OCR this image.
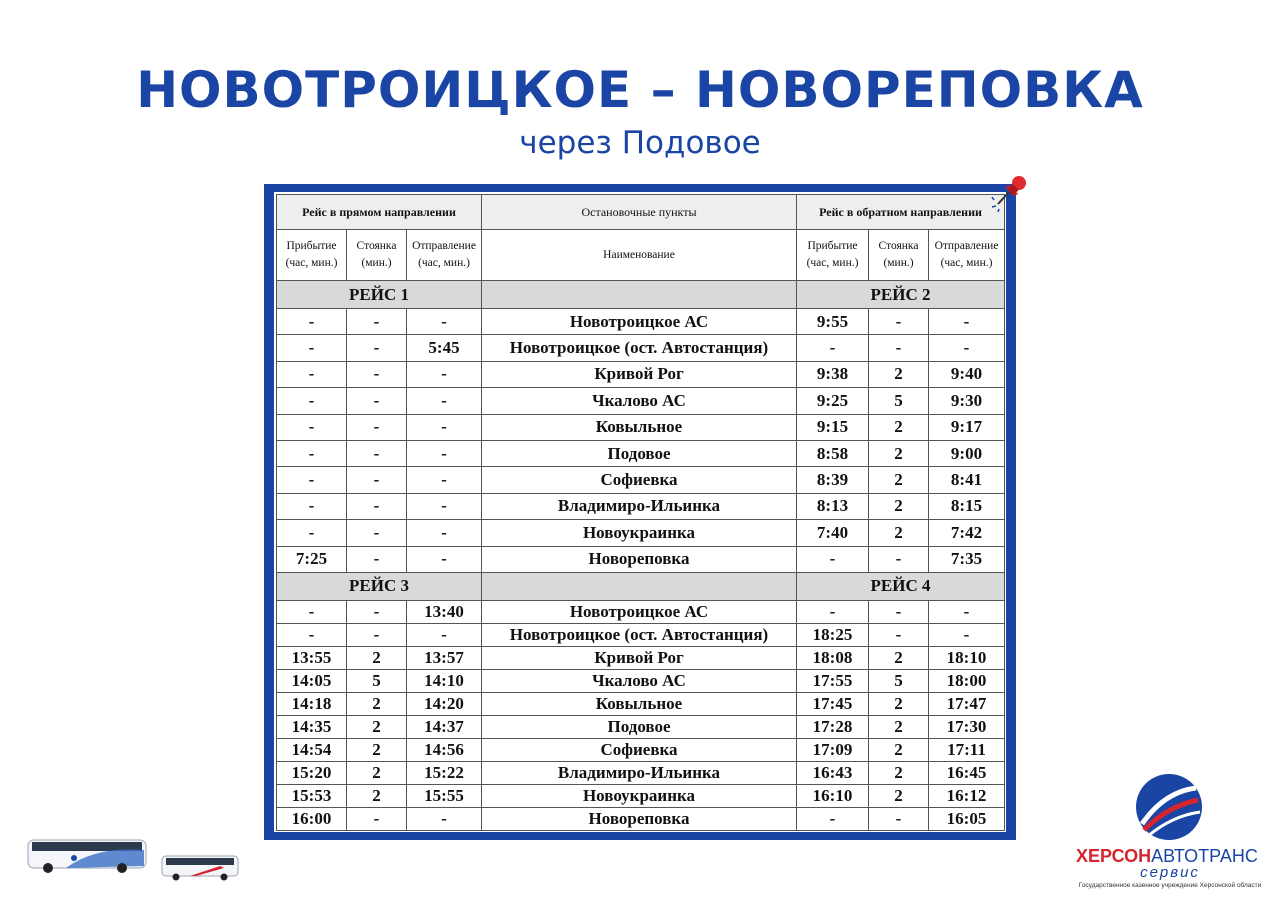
НОВОТРОИЦКОЕ – НОВОРЕПОВКА
через Подовое
Рейс в прямом направлении			Остановочные пункты	Рейс в обратном направлении		
Прибытие (час, мин.)	Стоянка (мин.)	Отправление (час, мин.)	Наименование	Прибытие (час, мин.)	Стоянка (мин.)	Отправление (час, мин.)
РЕЙС 1				РЕЙС 2		
-	-	-	Новотроицкое АС	9:55	-	-
-	-	5:45	Новотроицкое (ост. Автостанция)	-	-	-
-	-	-	Кривой Рог	9:38	2	9:40
-	-	-	Чкалово АС	9:25	5	9:30
-	-	-	Ковыльное	9:15	2	9:17
-	-	-	Подовое	8:58	2	9:00
-	-	-	Софиевка	8:39	2	8:41
-	-	-	Владимиро-Ильинка	8:13	2	8:15
-	-	-	Новоукраинка	7:40	2	7:42
7:25	-	-	Новореповка	-	-	7:35
РЕЙС 3				РЕЙС 4		
-	-	13:40	Новотроицкое АС	-	-	-
-	-	-	Новотроицкое (ост. Автостанция)	18:25	-	-
13:55	2	13:57	Кривой Рог	18:08	2	18:10
14:05	5	14:10	Чкалово АС	17:55	5	18:00
14:18	2	14:20	Ковыльное	17:45	2	17:47
14:35	2	14:37	Подовое	17:28	2	17:30
14:54	2	14:56	Софиевка	17:09	2	17:11
15:20	2	15:22	Владимиро-Ильинка	16:43	2	16:45
15:53	2	15:55	Новоукраинка	16:10	2	16:12
16:00	-	-	Новореповка	-	-	16:05
ХЕРСОНАВТОТРАНС
сервис
Государственное казенное учреждение Херсонской области
